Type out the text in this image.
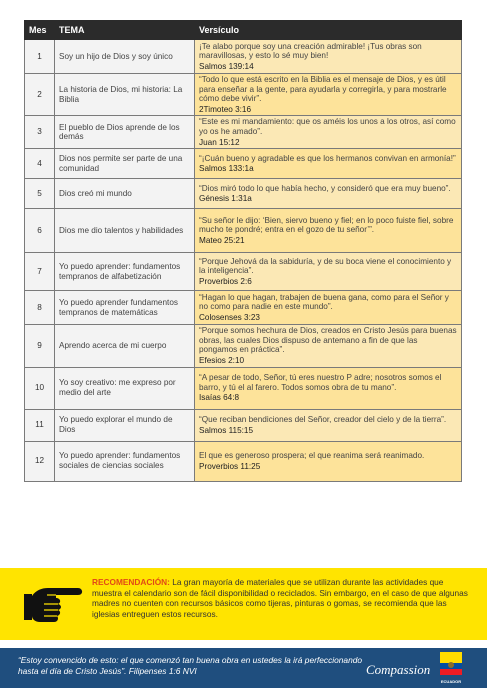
Mes	TEMA	Versículo
1	Soy un hijo de Dios y soy único	¡Te alabo porque soy una creación admirable! ¡Tus obras son maravillosas, y esto lo sé muy bien!
Salmos 139:14

2	La historia de Dios, mi historia: La Biblia	“Todo lo que está escrito en la Biblia es el mensaje de Dios, y es útil para enseñar a la gente, para ayudarla y corregirla, y para mostrarle cómo debe vivir”.
2Timoteo 3:16

3	El pueblo de Dios aprende de los demás	“Este es mi mandamiento: que os améis los unos a los otros, así como yo os he amado”.
Juan 15:12

4	Dios nos permite ser parte de una comunidad	“¡Cuán bueno y agradable es que los hermanos convivan en armonía!”
Salmos 133:1a

5	Dios creó mi mundo	“Dios miró todo lo que había hecho, y consideró que era muy bueno”.
Génesis 1:31a

6	Dios me dio talentos y habilidades	“Su señor le dijo: ‘Bien, siervo bueno y fiel; en lo poco fuiste fiel, sobre mucho te pondré; entra en el gozo de tu señor’”.
Mateo 25:21

7	Yo puedo aprender: fundamentos tempranos de alfabetización	“Porque Jehová da la sabiduría, y de su boca viene el conocimiento y la inteligencia”.
Proverbios 2:6

8	Yo puedo aprender fundamentos tempranos de matemáticas	“Hagan lo que hagan, trabajen de buena gana, como para el Señor y no como para nadie en este mundo”.
Colosenses 3:23

9	Aprendo acerca de mi cuerpo	“Porque somos hechura de Dios, creados en Cristo Jesús para buenas obras, las cuales Dios dispuso de antemano a fin de que las pongamos en práctica”.
Efesios 2:10

10	Yo soy creativo: me expreso por medio del arte	“A pesar de todo, Señor, tú eres nuestro P adre; nosotros somos el barro, y tú el al farero. Todos somos obra de tu mano”.
Isaías 64:8

11	Yo puedo explorar el mundo de Dios	“Que reciban bendiciones del Señor, creador del cielo y de la tierra”.
Salmos 115:15

12	Yo puedo aprender: fundamentos sociales de ciencias sociales	El que es generoso prospera; el que reanima será reanimado.
Proverbios 11:25
RECOMENDACIÓN: La gran mayoría de materiales que se utilizan durante las actividades que muestra el calendario son de fácil disponibilidad o reciclados. Sin embargo, en el caso de que algunas madres no cuenten con recursos básicos como tijeras, pinturas o gomas, se recomienda que las iglesias entreguen estos recursos.
“Estoy convencido de esto: el que comenzó tan buena obra en ustedes la irá perfeccionando hasta el día de Cristo Jesús”. Filipenses 1:6 NVI	Compassion
ECUADOR
